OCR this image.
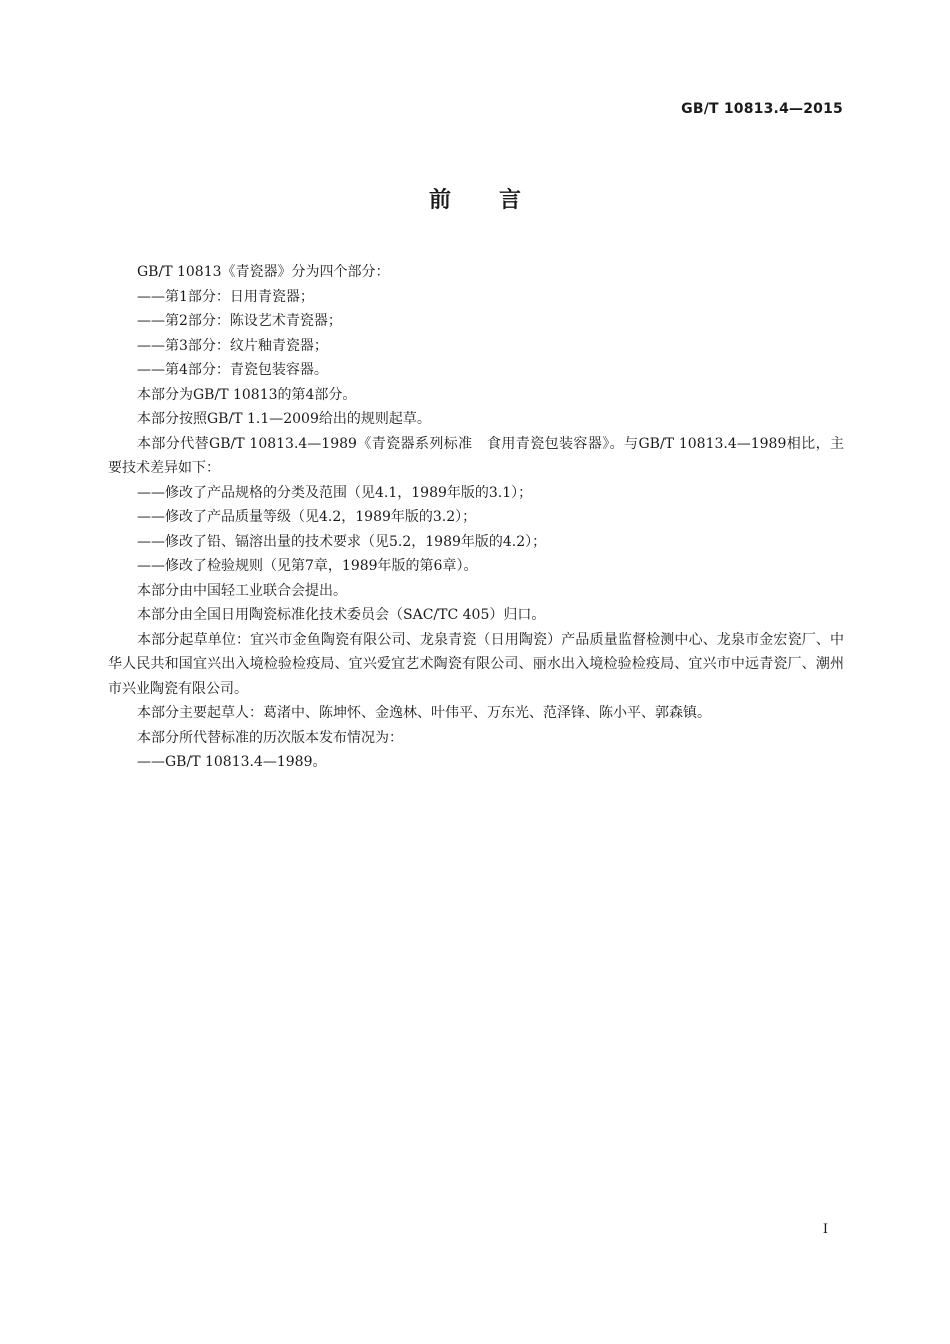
GB/T 10813.4—2015
前言

GB/T 10813《青瓷器》分为四个部分：

——第1部分：日用青瓷器；

——第2部分：陈设艺术青瓷器；

——第3部分：纹片釉青瓷器；

——第4部分：青瓷包装容器。

本部分为GB/T 10813的第4部分。

本部分按照GB/T 1.1—2009给出的规则起草。

本部分代替GB/T 10813.4—1989《青瓷器系列标准　食用青瓷包装容器》。与GB/T 10813.4—1989相比，主要技术差异如下：

——修改了产品规格的分类及范围（见4.1，1989年版的3.1）；

——修改了产品质量等级（见4.2，1989年版的3.2）；

——修改了铅、镉溶出量的技术要求（见5.2，1989年版的4.2）；

——修改了检验规则（见第7章，1989年版的第6章）。

本部分由中国轻工业联合会提出。

本部分由全国日用陶瓷标准化技术委员会（SAC/TC 405）归口。

本部分起草单位：宜兴市金鱼陶瓷有限公司、龙泉青瓷（日用陶瓷）产品质量监督检测中心、龙泉市金宏瓷厂、中华人民共和国宜兴出入境检验检疫局、宜兴爱宜艺术陶瓷有限公司、丽水出入境检验检疫局、宜兴市中远青瓷厂、潮州市兴业陶瓷有限公司。

本部分主要起草人：葛渚中、陈坤怀、金逸林、叶伟平、万东光、范泽锋、陈小平、郭森镇。

本部分所代替标准的历次版本发布情况为：

——GB/T 10813.4—1989。

I
